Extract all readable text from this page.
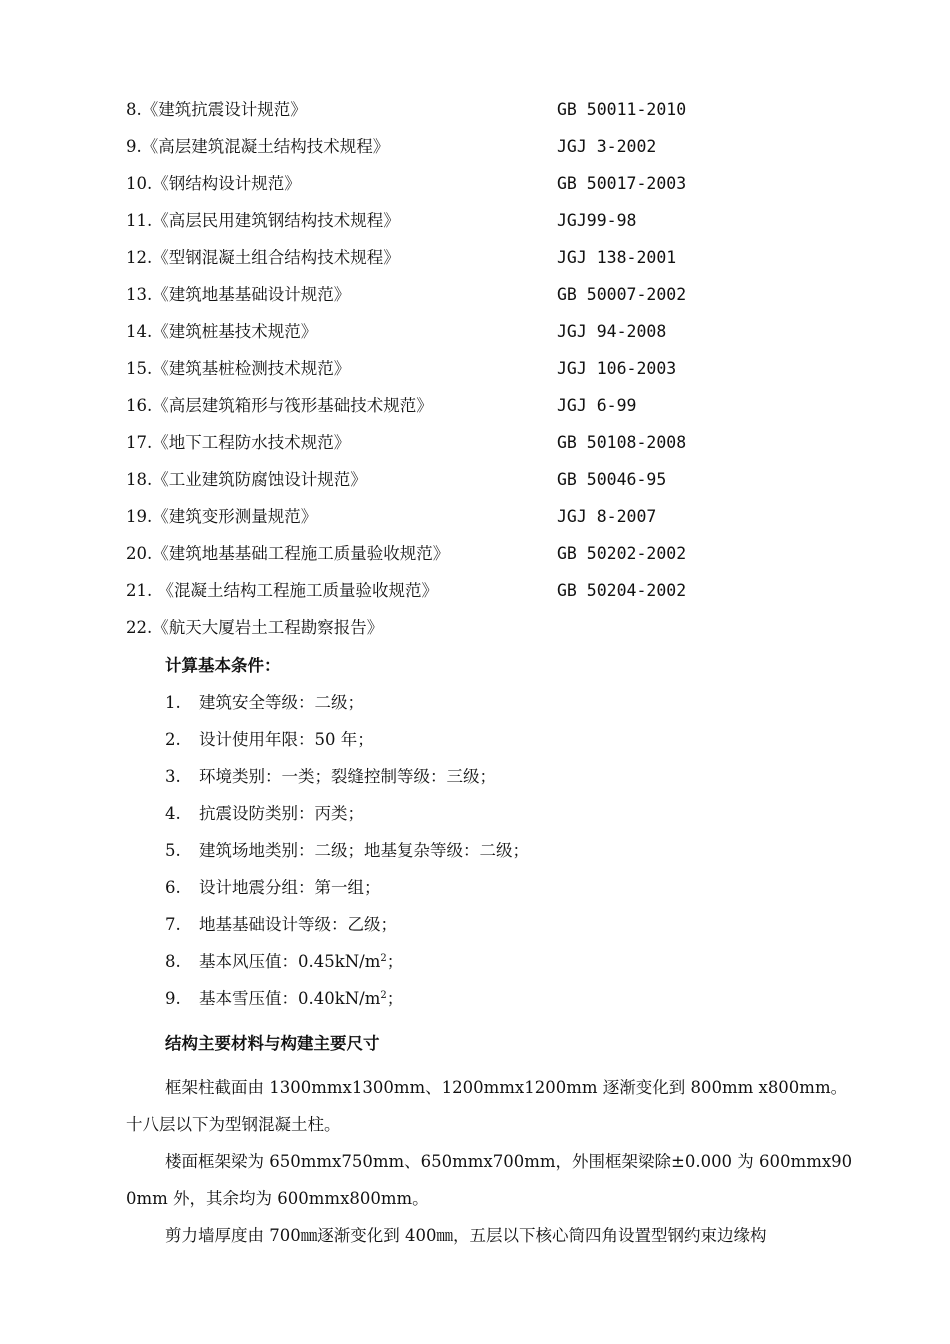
8.《建筑抗震设计规范》	GB 50011-2010
9.《高层建筑混凝土结构技术规程》	JGJ 3-2002
10.《钢结构设计规范》	GB 50017-2003
11.《高层民用建筑钢结构技术规程》	JGJ99-98
12.《型钢混凝土组合结构技术规程》	JGJ 138-2001
13.《建筑地基基础设计规范》	GB 50007-2002
14.《建筑桩基技术规范》	JGJ 94-2008
15.《建筑基桩检测技术规范》	JGJ 106-2003
16.《高层建筑箱形与筏形基础技术规范》	JGJ 6-99
17.《地下工程防水技术规范》	GB 50108-2008
18.《工业建筑防腐蚀设计规范》	GB 50046-95
19.《建筑变形测量规范》	JGJ 8-2007
20.《建筑地基基础工程施工质量验收规范》	GB 50202-2002
21. 《混凝土结构工程施工质量验收规范》	GB 50204-2002
22.《航天大厦岩土工程勘察报告》
计算基本条件：
1. 建筑安全等级：二级；
2. 设计使用年限：50 年；
3. 环境类别：一类；裂缝控制等级：三级；
4. 抗震设防类别：丙类；
5. 建筑场地类别：二级；地基复杂等级：二级；
6. 设计地震分组：第一组；
7. 地基基础设计等级：乙级；
8. 基本风压值：$0.45kN/m^2$；
9. 基本雪压值：$0.40kN/m^2$；
结构主要材料与构建主要尺寸
框架柱截面由 1300mmx1300mm、1200mmx1200mm 逐渐变化到 800mm x800mm。
十八层以下为型钢混凝土柱。
楼面框架梁为 650mmx750mm、650mmx700mm，外围框架梁除±0.000 为 600mmx90
0mm 外，其余均为 600mmx800mm。
剪力墙厚度由 700㎜逐渐变化到 400㎜，五层以下核心筒四角设置型钢约束边缘构
